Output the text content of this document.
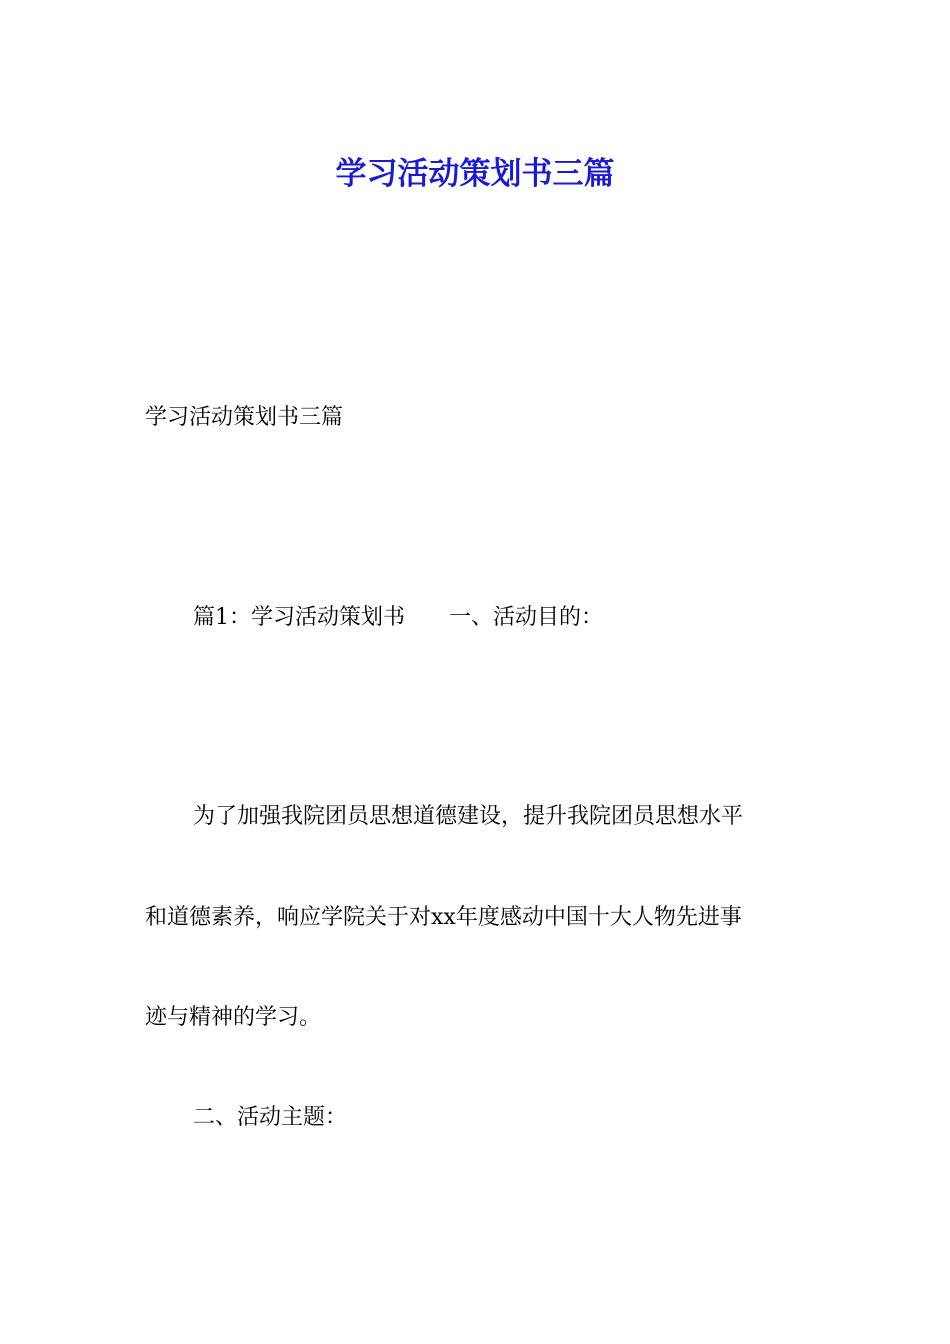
学习活动策划书三篇

学习活动策划书三篇

篇1：学习活动策划书 一、活动目的：

为了加强我院团员思想道德建设，提升我院团员思想水平

和道德素养，响应学院关于对xx年度感动中国十大人物先进事

迹与精神的学习。

二、活动主题：
